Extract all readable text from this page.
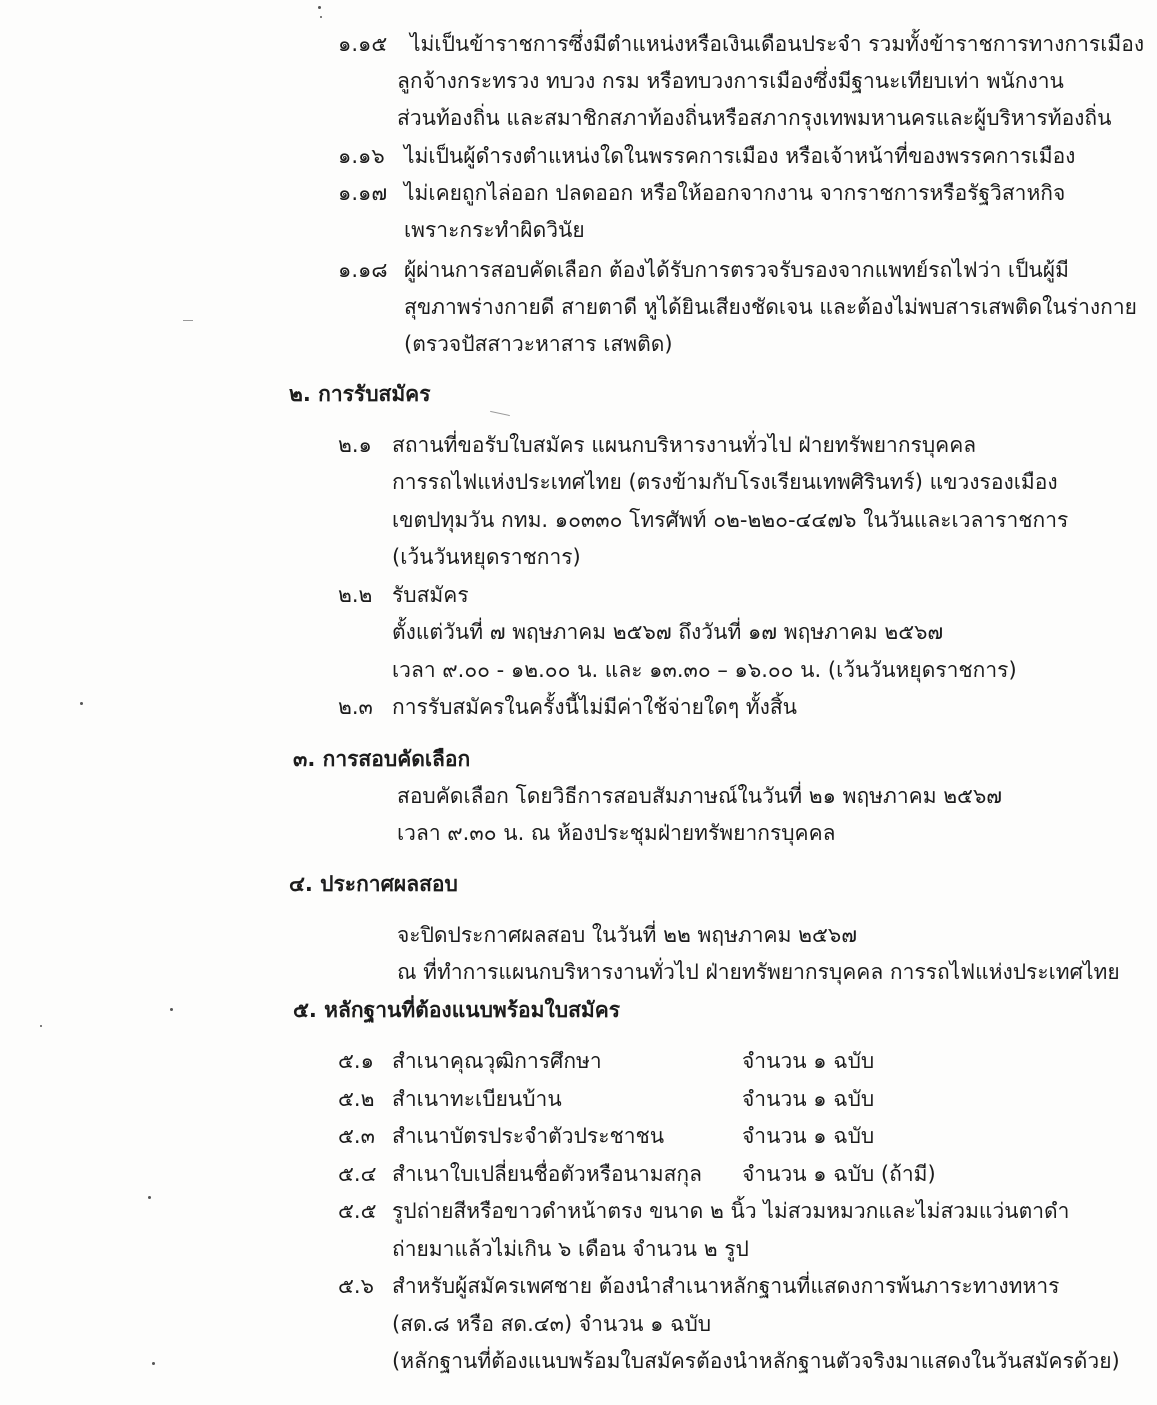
๑.๑๕ ไม่เป็นข้าราชการซึ่งมีตำแหน่งหรือเงินเดือนประจำ รวมทั้งข้าราชการทางการเมือง
ลูกจ้างกระทรวง ทบวง กรม หรือทบวงการเมืองซึ่งมีฐานะเทียบเท่า พนักงาน
ส่วนท้องถิ่น และสมาชิกสภาท้องถิ่นหรือสภากรุงเทพมหานครและผู้บริหารท้องถิ่น
๑.๑๖ ไม่เป็นผู้ดำรงตำแหน่งใดในพรรคการเมือง หรือเจ้าหน้าที่ของพรรคการเมือง
๑.๑๗ ไม่เคยถูกไล่ออก ปลดออก หรือให้ออกจากงาน จากราชการหรือรัฐวิสาหกิจ
เพราะกระทำผิดวินัย
๑.๑๘ ผู้ผ่านการสอบคัดเลือก ต้องได้รับการตรวจรับรองจากแพทย์รถไฟว่า เป็นผู้มี
สุขภาพร่างกายดี สายตาดี หูได้ยินเสียงชัดเจน และต้องไม่พบสารเสพติดในร่างกาย
(ตรวจปัสสาวะหาสาร เสพติด)
๒. การรับสมัคร
๒.๑ สถานที่ขอรับใบสมัคร แผนกบริหารงานทั่วไป ฝ่ายทรัพยากรบุคคล
การรถไฟแห่งประเทศไทย (ตรงข้ามกับโรงเรียนเทพศิรินทร์) แขวงรองเมือง
เขตปทุมวัน กทม. ๑๐๓๓๐ โทรศัพท์ ๐๒-๒๒๐-๔๔๗๖ ในวันและเวลาราชการ
(เว้นวันหยุดราชการ)
๒.๒ รับสมัคร
ตั้งแต่วันที่ ๗ พฤษภาคม ๒๕๖๗ ถึงวันที่ ๑๗ พฤษภาคม ๒๕๖๗
เวลา ๙.๐๐ - ๑๒.๐๐ น. และ ๑๓.๓๐ – ๑๖.๐๐ น. (เว้นวันหยุดราชการ)
๒.๓ การรับสมัครในครั้งนี้ไม่มีค่าใช้จ่ายใดๆ ทั้งสิ้น
๓. การสอบคัดเลือก
สอบคัดเลือก โดยวิธีการสอบสัมภาษณ์ในวันที่ ๒๑ พฤษภาคม ๒๕๖๗
เวลา ๙.๓๐ น. ณ ห้องประชุมฝ่ายทรัพยากรบุคคล
๔. ประกาศผลสอบ
จะปิดประกาศผลสอบ ในวันที่ ๒๒ พฤษภาคม ๒๕๖๗
ณ ที่ทำการแผนกบริหารงานทั่วไป ฝ่ายทรัพยากรบุคคล การรถไฟแห่งประเทศไทย
๕. หลักฐานที่ต้องแนบพร้อมใบสมัคร
๕.๑ สำเนาคุณวุฒิการศึกษา	จำนวน ๑ ฉบับ
๕.๒ สำเนาทะเบียนบ้าน	จำนวน ๑ ฉบับ
๕.๓ สำเนาบัตรประจำตัวประชาชน	จำนวน ๑ ฉบับ
๕.๔ สำเนาใบเปลี่ยนชื่อตัวหรือนามสกุล จำนวน ๑ ฉบับ (ถ้ามี)
๕.๕ รูปถ่ายสีหรือขาวดำหน้าตรง ขนาด ๒ นิ้ว ไม่สวมหมวกและไม่สวมแว่นตาดำ
ถ่ายมาแล้วไม่เกิน ๖ เดือน จำนวน ๒ รูป
๕.๖ สำหรับผู้สมัครเพศชาย ต้องนำสำเนาหลักฐานที่แสดงการพ้นภาระทางทหาร
(สด.๘ หรือ สด.๔๓) จำนวน ๑ ฉบับ
(หลักฐานที่ต้องแนบพร้อมใบสมัครต้องนำหลักฐานตัวจริงมาแสดงในวันสมัครด้วย)
